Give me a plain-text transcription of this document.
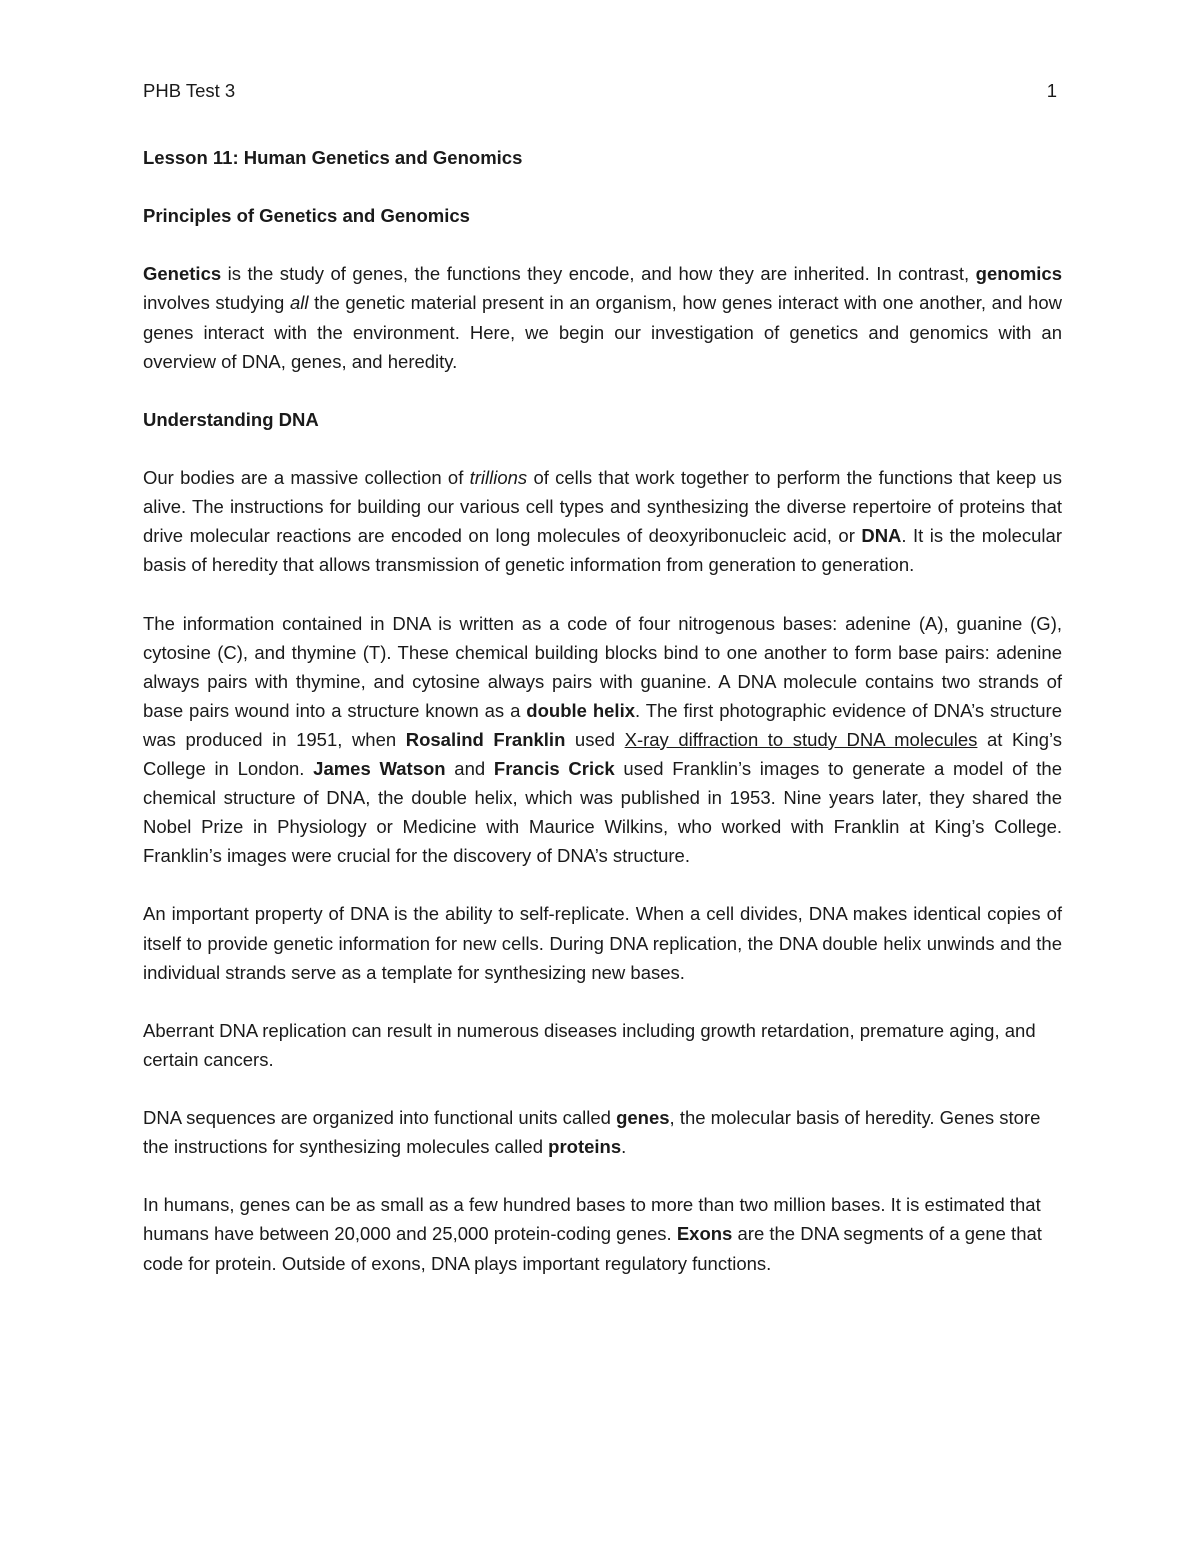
PHB Test 3	1
Lesson 11: Human Genetics and Genomics
Principles of Genetics and Genomics

Genetics is the study of genes, the functions they encode, and how they are inherited. In contrast, genomics involves studying all the genetic material present in an organism, how genes interact with one another, and how genes interact with the environment. Here, we begin our investigation of genetics and genomics with an overview of DNA, genes, and heredity.

Understanding DNA

Our bodies are a massive collection of trillions of cells that work together to perform the functions that keep us alive. The instructions for building our various cell types and synthesizing the diverse repertoire of proteins that drive molecular reactions are encoded on long molecules of deoxyribonucleic acid, or DNA. It is the molecular basis of heredity that allows transmission of genetic information from generation to generation.

The information contained in DNA is written as a code of four nitrogenous bases: adenine (A), guanine (G), cytosine (C), and thymine (T). These chemical building blocks bind to one another to form base pairs: adenine always pairs with thymine, and cytosine always pairs with guanine. A DNA molecule contains two strands of base pairs wound into a structure known as a double helix. The first photographic evidence of DNA’s structure was produced in 1951, when Rosalind Franklin used X-ray diffraction to study DNA molecules at King’s College in London. James Watson and Francis Crick used Franklin’s images to generate a model of the chemical structure of DNA, the double helix, which was published in 1953. Nine years later, they shared the Nobel Prize in Physiology or Medicine with Maurice Wilkins, who worked with Franklin at King’s College. Franklin’s images were crucial for the discovery of DNA’s structure.

An important property of DNA is the ability to self-replicate. When a cell divides, DNA makes identical copies of itself to provide genetic information for new cells. During DNA replication, the DNA double helix unwinds and the individual strands serve as a template for synthesizing new bases.

Aberrant DNA replication can result in numerous diseases including growth retardation, premature aging, and certain cancers.

DNA sequences are organized into functional units called genes, the molecular basis of heredity. Genes store the instructions for synthesizing molecules called proteins.

In humans, genes can be as small as a few hundred bases to more than two million bases. It is estimated that humans have between 20,000 and 25,000 protein-coding genes. Exons are the DNA segments of a gene that code for protein. Outside of exons, DNA plays important regulatory functions.
